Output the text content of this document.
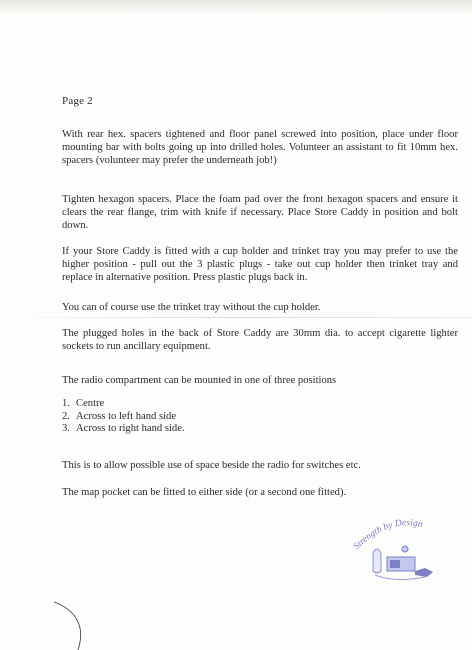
Page 2

With rear hex. spacers tightened and floor panel screwed into position, place under floor mounting bar with bolts going up into drilled holes. Volunteer an assistant to fit 10mm hex. spacers (volunteer may prefer the underneath job!)

Tighten hexagon spacers. Place the foam pad over the front hexagon spacers and ensure it clears the rear flange, trim with knife if necessary. Place Store Caddy in position and bolt down.

If your Store Caddy is fitted with a cup holder and trinket tray you may prefer to use the higher position - pull out the 3 plastic plugs - take out cup holder then trinket tray and replace in alternative position. Press plastic plugs back in.

You can of course use the trinket tray without the cup holder.

The plugged holes in the back of Store Caddy are 30mm dia. to accept cigarette lighter sockets to run ancillary equipment.

The radio compartment can be mounted in one of three positions

1. Centre
2. Across to left hand side
3. Across to right hand side.

This is to allow possible use of space beside the radio for switches etc.

The map pocket can be fitted to either side (or a second one fitted).

Strength by Design
